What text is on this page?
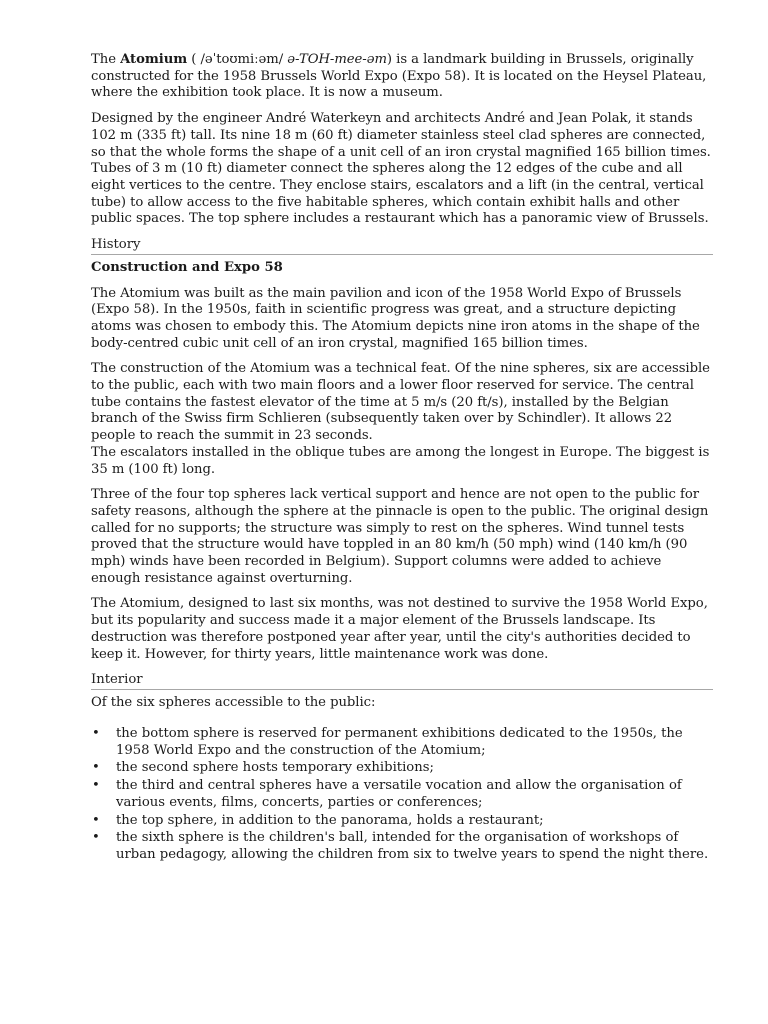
The Atomium ( /əˈtoʊmiːəm/ ə-TOH-mee-əm) is a landmark building in Brussels, originally constructed for the 1958 Brussels World Expo (Expo 58). It is located on the Heysel Plateau, where the exhibition took place. It is now a museum.

Designed by the engineer André Waterkeyn and architects André and Jean Polak, it stands 102 m (335 ft) tall. Its nine 18 m (60 ft) diameter stainless steel clad spheres are connected, so that the whole forms the shape of a unit cell of an iron crystal magnified 165 billion times. Tubes of 3 m (10 ft) diameter connect the spheres along the 12 edges of the cube and all eight vertices to the centre. They enclose stairs, escalators and a lift (in the central, vertical tube) to allow access to the five habitable spheres, which contain exhibit halls and other public spaces. The top sphere includes a restaurant which has a panoramic view of Brussels.

History
Construction and Expo 58

The Atomium was built as the main pavilion and icon of the 1958 World Expo of Brussels (Expo 58). In the 1950s, faith in scientific progress was great, and a structure depicting atoms was chosen to embody this. The Atomium depicts nine iron atoms in the shape of the body-centred cubic unit cell of an iron crystal, magnified 165 billion times.

The construction of the Atomium was a technical feat. Of the nine spheres, six are accessible to the public, each with two main floors and a lower floor reserved for service. The central tube contains the fastest elevator of the time at 5 m/s (20 ft/s), installed by the Belgian branch of the Swiss firm Schlieren (subsequently taken over by Schindler). It allows 22 people to reach the summit in 23 seconds.
The escalators installed in the oblique tubes are among the longest in Europe. The biggest is 35 m (100 ft) long.

Three of the four top spheres lack vertical support and hence are not open to the public for safety reasons, although the sphere at the pinnacle is open to the public. The original design called for no supports; the structure was simply to rest on the spheres. Wind tunnel tests proved that the structure would have toppled in an 80 km/h (50 mph) wind (140 km/h (90 mph) winds have been recorded in Belgium). Support columns were added to achieve enough resistance against overturning.

The Atomium, designed to last six months, was not destined to survive the 1958 World Expo, but its popularity and success made it a major element of the Brussels landscape. Its destruction was therefore postponed year after year, until the city's authorities decided to keep it. However, for thirty years, little maintenance work was done.

Interior

Of the six spheres accessible to the public:

• the bottom sphere is reserved for permanent exhibitions dedicated to the 1950s, the 1958 World Expo and the construction of the Atomium;
• the second sphere hosts temporary exhibitions;
• the third and central spheres have a versatile vocation and allow the organisation of various events, films, concerts, parties or conferences;
• the top sphere, in addition to the panorama, holds a restaurant;
• the sixth sphere is the children's ball, intended for the organisation of workshops of urban pedagogy, allowing the children from six to twelve years to spend the night there.
